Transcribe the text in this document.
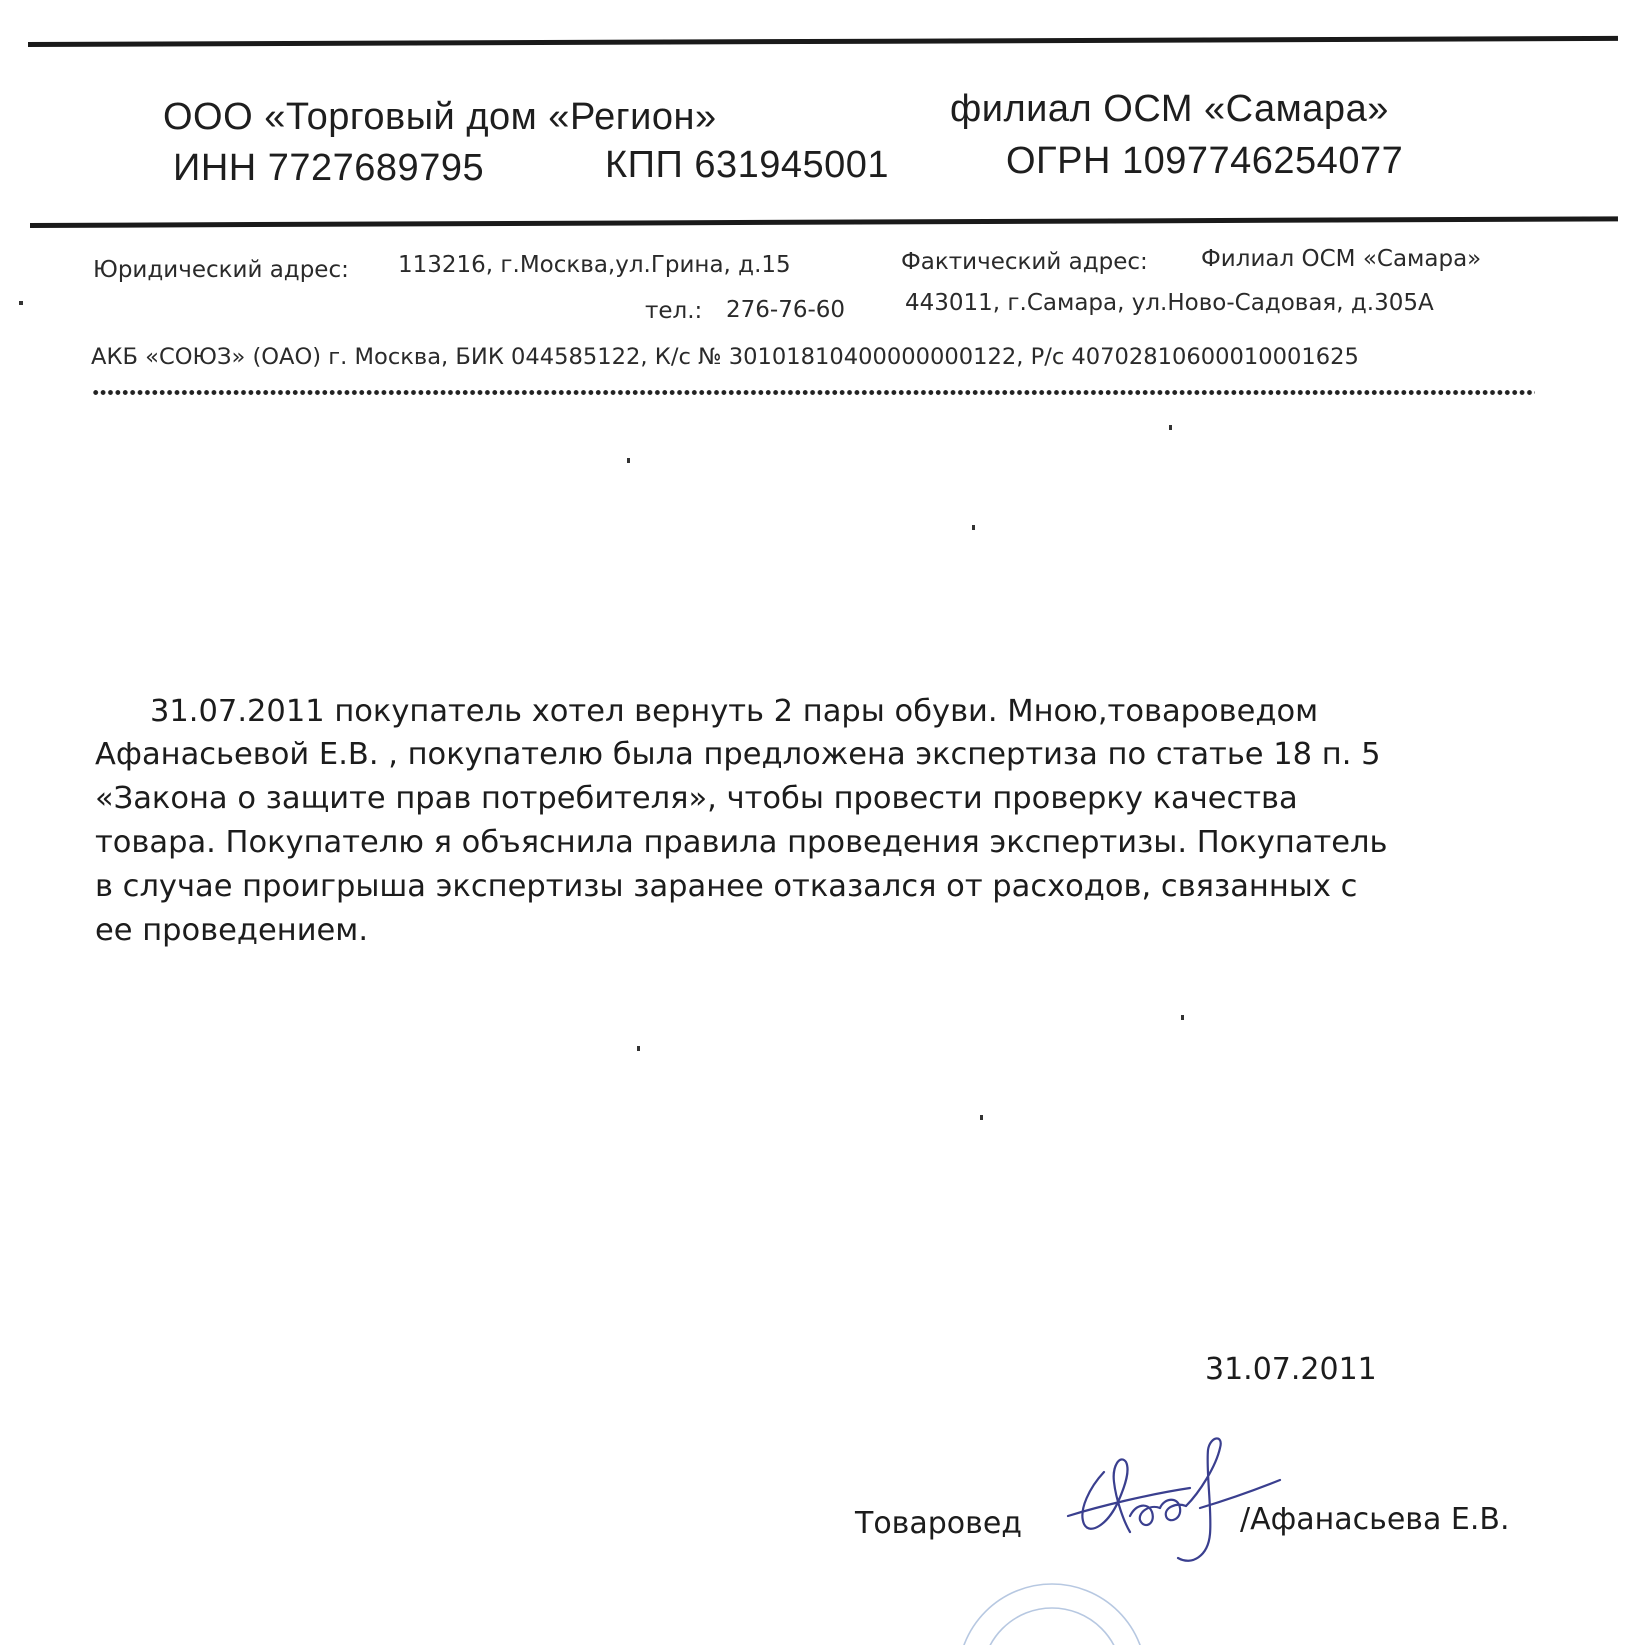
ООО «Торговый дом «Регион»	филиал ОСМ «Самара»
ИНН 7727689795	КПП 631945001	ОГРН 1097746254077
Юридический адрес: 113216, г.Москва,ул.Грина, д.15	Фактический адрес: Филиал ОСМ «Самара»
тел.: 276-76-60	443011, г.Самара, ул.Ново-Садовая, д.305А
АКБ «СОЮЗ» (ОАО) г. Москва, БИК 044585122, К/с № 30101810400000000122, Р/с 40702810600010001625
31.07.2011 покупатель хотел вернуть 2 пары обуви. Мною,товароведом
Афанасьевой Е.В. , покупателю была предложена экспертиза по статье 18 п. 5
«Закона о защите прав потребителя», чтобы провести проверку качества
товара. Покупателю я объяснила правила проведения экспертизы. Покупатель
в случае проигрыша экспертизы заранее отказался от расходов, связанных с
ее проведением.
31.07.2011
Товаровед	/Афанасьева Е.В.
